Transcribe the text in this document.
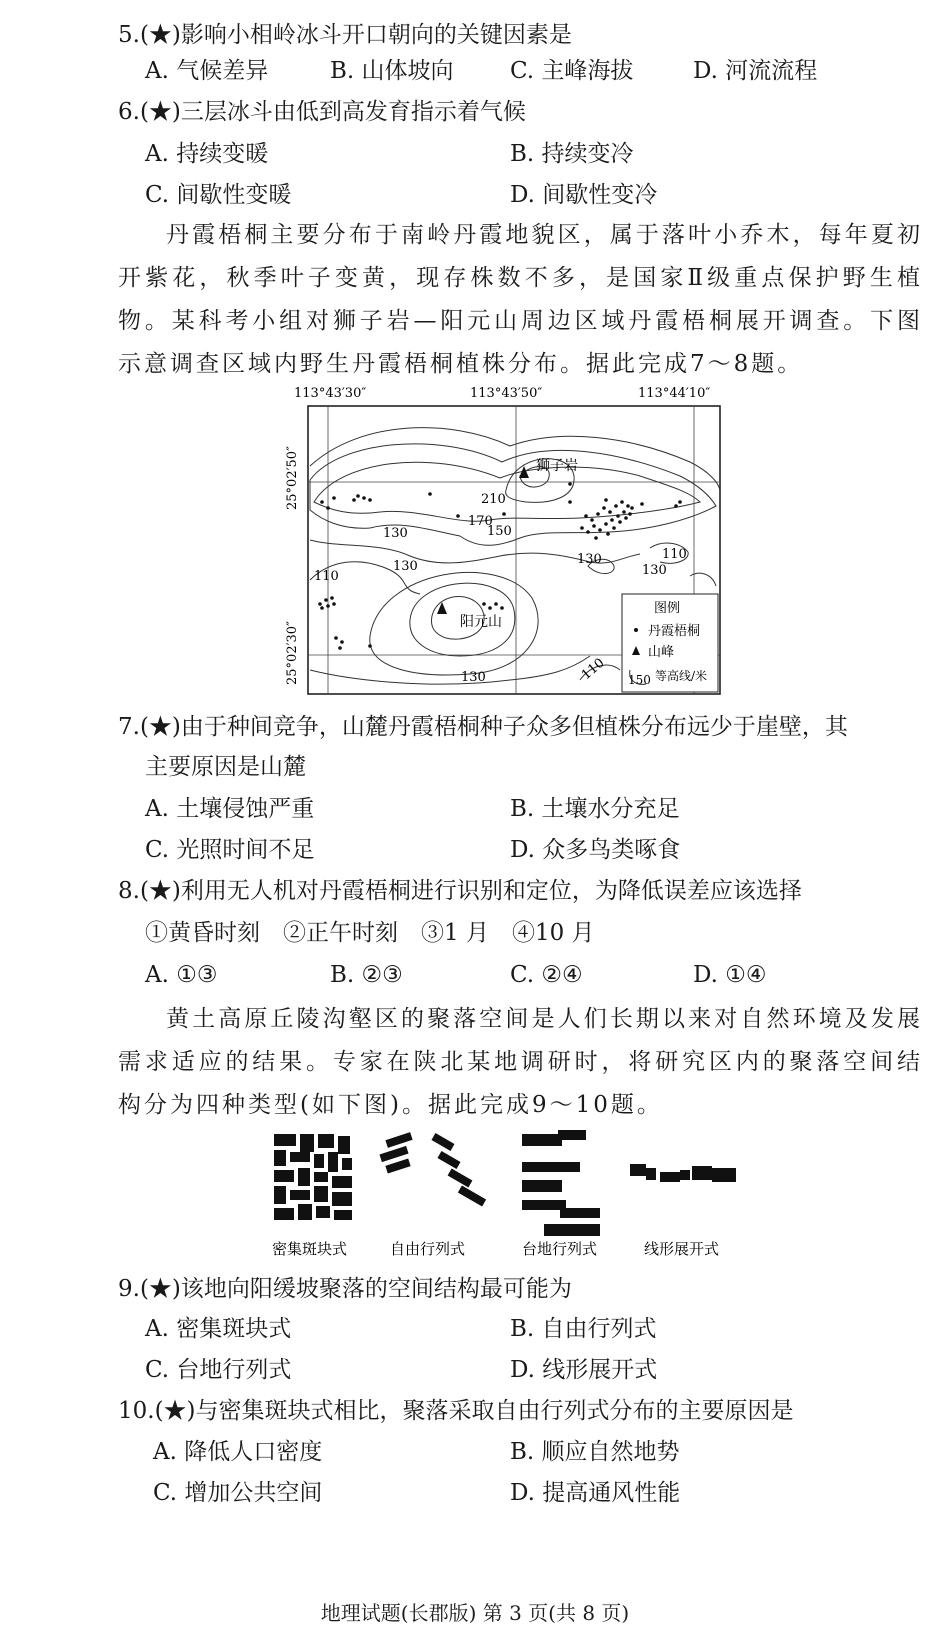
5.(★)影响小相岭冰斗开口朝向的关键因素是
A. 气候差异	B. 山体坡向 C. 主峰海拔	D. 河流流程
6.(★)三层冰斗由低到高发育指示着气候
A. 持续变暖	B. 持续变冷
C. 间歇性变暖	D. 间歇性变冷
丹霞梧桐主要分布于南岭丹霞地貌区，属于落叶小乔木，每年夏初开紫花，秋季叶子变黄，现存株数不多，是国家Ⅱ级重点保护野生植物。某科考小组对狮子岩—阳元山周边区域丹霞梧桐展开调查。下图示意调查区域内野生丹霞梧桐植株分布。据此完成7～8题。
113°43′30″	113°43′50″	113°44′10″
25°02′50″
25°02′30″
210
170
150
130
130	130
130
130
110
110
110
狮子岩
阳元山
图例
丹霞梧桐
山峰
150 等高线/米
7.(★)由于种间竞争，山麓丹霞梧桐种子众多但植株分布远少于崖壁，其
主要原因是山麓
A. 土壤侵蚀严重	B. 土壤水分充足
C. 光照时间不足	D. 众多鸟类啄食
8.(★)利用无人机对丹霞梧桐进行识别和定位，为降低误差应该选择
①黄昏时刻　②正午时刻　③1 月　④10 月
A. ①③	B. ②③	C. ②④	D. ①④
黄土高原丘陵沟壑区的聚落空间是人们长期以来对自然环境及发展需求适应的结果。专家在陕北某地调研时，将研究区内的聚落空间结构分为四种类型(如下图)。据此完成9～10题。
密集斑块式	自由行列式	台地行列式	线形展开式
9.(★)该地向阳缓坡聚落的空间结构最可能为
A. 密集斑块式	B. 自由行列式
C. 台地行列式	D. 线形展开式
10.(★)与密集斑块式相比，聚落采取自由行列式分布的主要原因是
A. 降低人口密度	B. 顺应自然地势
C. 增加公共空间	D. 提高通风性能
地理试题(长郡版) 第 3 页(共 8 页)
